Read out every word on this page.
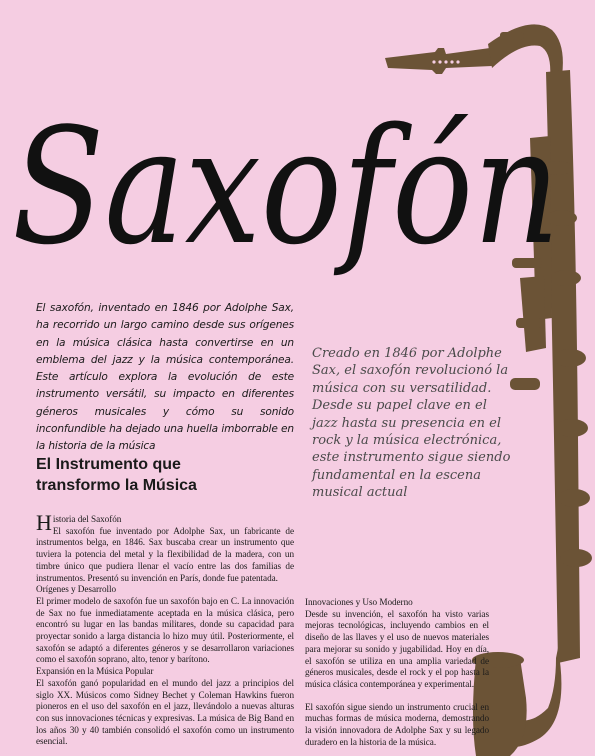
Saxofón
El saxofón, inventado en 1846 por Adolphe Sax, ha recorrido un largo camino desde sus orígenes en la música clásica hasta convertirse en un emblema del jazz y la música contemporánea. Este artículo explora la evolución de este instrumento versátil, su impacto en diferentes géneros musicales y cómo su sonido inconfundible ha dejado una huella imborrable en la historia de la música
Creado en 1846 por Adolphe Sax, el saxofón revolucionó la música con su versatilidad. Desde su papel clave en el jazz hasta su presencia en el rock y la música electrónica, este instrumento sigue siendo fundamental en la escena musical actual
El Instrumento que transformo la Música

Historia del Saxofón

El saxofón fue inventado por Adolphe Sax, un fabricante de instrumentos belga, en 1846. Sax buscaba crear un instrumento que tuviera la potencia del metal y la flexibilidad de la madera, con un timbre único que pudiera llenar el vacío entre las dos familias de instrumentos. Presentó su invención en París, donde fue patentada.

Orígenes y Desarrollo

El primer modelo de saxofón fue un saxofón bajo en C. La innovación de Sax no fue inmediatamente aceptada en la música clásica, pero encontró su lugar en las bandas militares, donde su capacidad para proyectar sonido a larga distancia lo hizo muy útil. Posteriormente, el saxofón se adaptó a diferentes géneros y se desarrollaron variaciones como el saxofón soprano, alto, tenor y barítono.

Expansión en la Música Popular

El saxofón ganó popularidad en el mundo del jazz a principios del siglo XX. Músicos como Sidney Bechet y Coleman Hawkins fueron pioneros en el uso del saxofón en el jazz, llevándolo a nuevas alturas con sus innovaciones técnicas y expresivas. La música de Big Band en los años 30 y 40 también consolidó el saxofón como un instrumento esencial.

Innovaciones y Uso Moderno

Desde su invención, el saxofón ha visto varias mejoras tecnológicas, incluyendo cambios en el diseño de las llaves y el uso de nuevos materiales para mejorar su sonido y jugabilidad. Hoy en día, el saxofón se utiliza en una amplia variedad de géneros musicales, desde el rock y el pop hasta la música clásica contemporánea y experimental.

El saxofón sigue siendo un instrumento crucial en muchas formas de música moderna, demostrando la visión innovadora de Adolphe Sax y su legado duradero en la historia de la música.
